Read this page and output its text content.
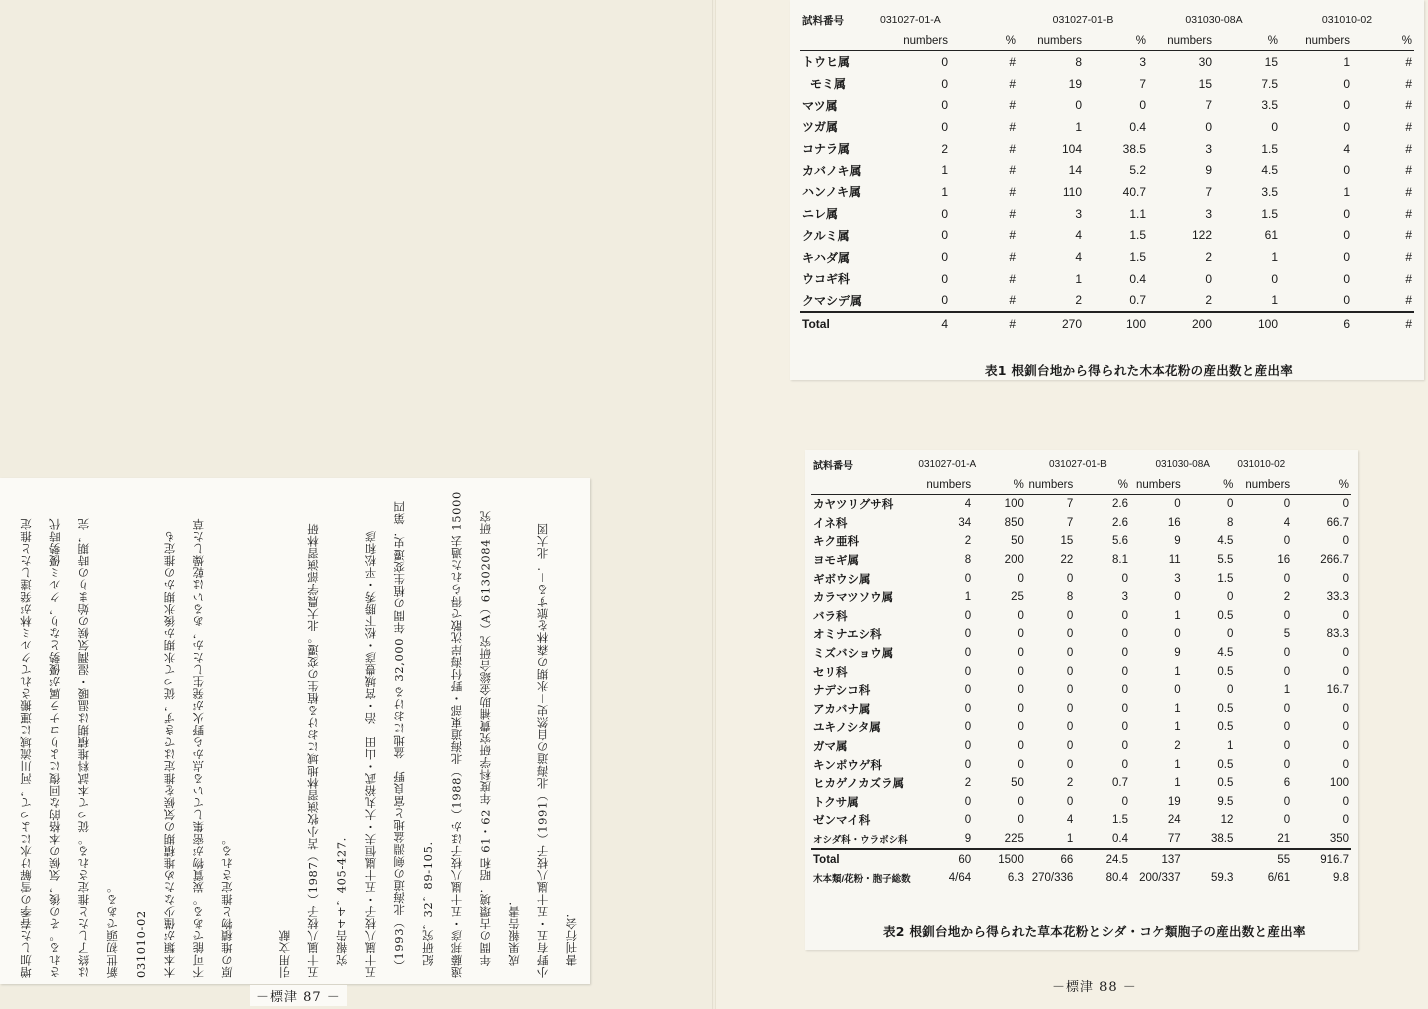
増加した春季の雪解け水によって，河川流域に運搬されてクルミ林が発達したと推定	される。その後，気候の本格的な回復によりコナラ属が優勢となり，クルミ優勢時代	は終了したと推定される。従って本試料堆積期は温暖・湿潤気候の始まりの時期，完	新世初頭である。	031010-02	木本類が僅少なため堆積期の気候を推定はできず，従って氷期か後氷期かの推定も	不可能である。炭質物が密集している点から野火が発生したか，あるいは乾燥した草	原の堆積物と推定される。
	引用文献	五十嵐八枝子（1987）苫小牧演習林地域における植生の変遷。北大農学部演習林研	　究報告４４，405-427.	五十嵐八枝子・五十嵐恒夫・大丸裕武・山田　治・宮城豊彦・松下勝秀・平松和彦	　（1993）北海道の剣淵盆地と富良野　盆地における 32,000 年間の植生変遷史．第四	　紀研究，32，89-105.	遠藤邦彦・五十嵐八枝子ほか（1988）北海道東部・野付海岸沈散で得られた過去 15000	　年間の古環境．昭和 61・62 年度科学研究費補助金総合研究（A）61302084 研究	　成果報告書．	小野有五・五十嵐八枝子（1991）北海道の自然史－氷期の森林を旅する－．北大図	　書刊行会．
－標津 87 －
－標津 88 －
試料番号	031027-01-A		031027-01-B		031030-08A		031010-02	
	numbers	%	numbers	%	numbers	%	numbers	%
トウヒ属	0	#	8	3	30	15	1	#
モミ属	0	#	19	7	15	7.5	0	#
マツ属	0	#	0	0	7	3.5	0	#
ツガ属	0	#	1	0.4	0	0	0	#
コナラ属	2	#	104	38.5	3	1.5	4	#
カバノキ属	1	#	14	5.2	9	4.5	0	#
ハンノキ属	1	#	110	40.7	7	3.5	1	#
ニレ属	0	#	3	1.1	3	1.5	0	#
クルミ属	0	#	4	1.5	122	61	0	#
キハダ属	0	#	4	1.5	2	1	0	#
ウコギ科	0	#	1	0.4	0	0	0	#
クマシデ属	0	#	2	0.7	2	1	0	#
Total	4	#	270	100	200	100	6	#
表1 根釧台地から得られた木本花粉の産出数と産出率
試料番号	031027-01-A		031027-01-B		031030-08A		031010-02	
	numbers	%	numbers	%	numbers	%	numbers	%
カヤツリグサ科	4	100	7	2.6	0	0	0	0
イネ科	34	850	7	2.6	16	8	4	66.7
キク亜科	2	50	15	5.6	9	4.5	0	0
ヨモギ属	8	200	22	8.1	11	5.5	16	266.7
ギボウシ属	0	0	0	0	3	1.5	0	0
カラマツソウ属	1	25	8	3	0	0	2	33.3
バラ科	0	0	0	0	1	0.5	0	0
オミナエシ科	0	0	0	0	0	0	5	83.3
ミズバショウ属	0	0	0	0	9	4.5	0	0
セリ科	0	0	0	0	1	0.5	0	0
ナデシコ科	0	0	0	0	0	0	1	16.7
アカバナ属	0	0	0	0	1	0.5	0	0
ユキノシタ属	0	0	0	0	1	0.5	0	0
ガマ属	0	0	0	0	2	1	0	0
キンポウゲ科	0	0	0	0	1	0.5	0	0
ヒカゲノカズラ属	2	50	2	0.7	1	0.5	6	100
トクサ属	0	0	0	0	19	9.5	0	0
ゼンマイ科	0	0	4	1.5	24	12	0	0
オシダ科・ウラボシ科	9	225	1	0.4	77	38.5	21	350
Total	60	1500	66	24.5	137		55	916.7
木本類/花粉・胞子総数	4/64	6.3	270/336	80.4	200/337	59.3	6/61	9.8
表2 根釧台地から得られた草本花粉とシダ・コケ類胞子の産出数と産出率
